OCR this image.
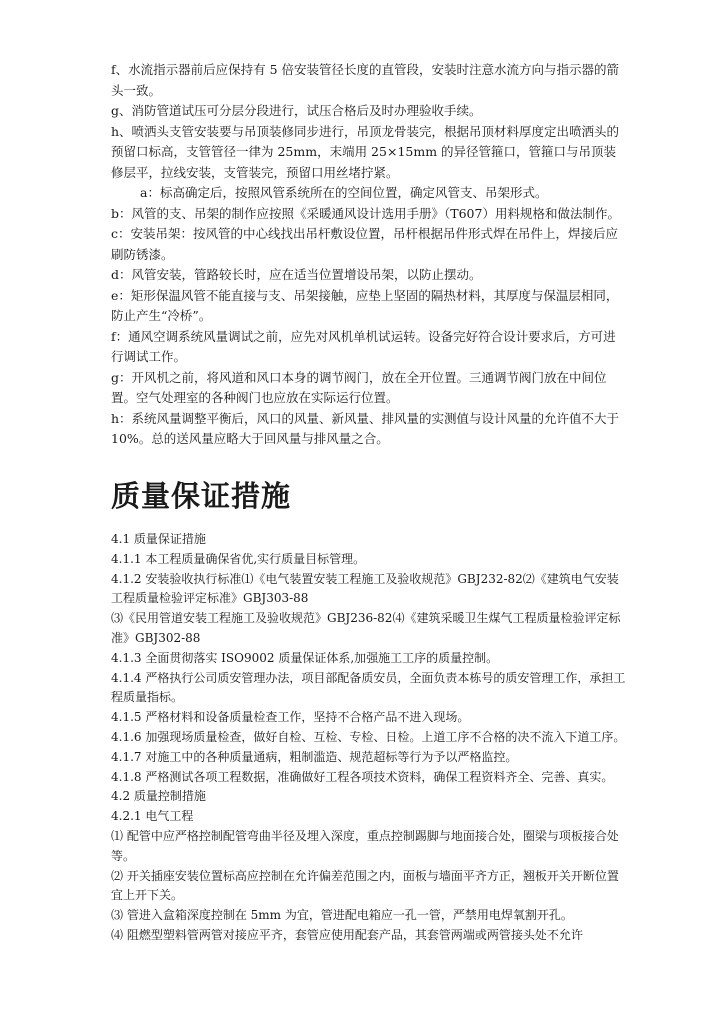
f、水流指示器前后应保持有 5 倍安装管径长度的直管段，安装时注意水流方向与指示器的箭头一致。

g、消防管道试压可分层分段进行，试压合格后及时办理验收手续。

h、喷洒头支管安装要与吊顶装修同步进行，吊顶龙骨装完，根据吊顶材料厚度定出喷洒头的预留口标高，支管管径一律为 25mm，末端用 25×15mm 的异径管箍口，管箍口与吊顶装修层平，拉线安装，支管装完，预留口用丝堵拧紧。

a：标高确定后，按照风管系统所在的空间位置，确定风管支、吊架形式。

b：风管的支、吊架的制作应按照《采暖通风设计选用手册》（T607）用料规格和做法制作。

c：安装吊架：按风管的中心线找出吊杆敷设位置，吊杆根据吊件形式焊在吊件上，焊接后应刷防锈漆。

d：风管安装，管路较长时，应在适当位置增设吊架，以防止摆动。

e：矩形保温风管不能直接与支、吊架接触，应垫上坚固的隔热材料，其厚度与保温层相同，防止产生“冷桥”。

f：通风空调系统风量调试之前，应先对风机单机试运转。设备完好符合设计要求后，方可进行调试工作。

g：开风机之前，将风道和风口本身的调节阀门，放在全开位置。三通调节阀门放在中间位置。空气处理室的各种阀门也应放在实际运行位置。

h：系统风量调整平衡后，风口的风量、新风量、排风量的实测值与设计风量的允许值不大于 10%。总的送风量应略大于回风量与排风量之合。

质量保证措施

4.1 质量保证措施

4.1.1 本工程质量确保省优,实行质量目标管理。

4.1.2 安装验收执行标准⑴《电气装置安装工程施工及验收规范》GBJ232-82⑵《建筑电气安装工程质量检验评定标准》GBJ303-88

⑶《民用管道安装工程施工及验收规范》GBJ236-82⑷《建筑采暖卫生煤气工程质量检验评定标准》GBJ302-88

4.1.3 全面贯彻落实 ISO9002 质量保证体系,加强施工工序的质量控制。

4.1.4 严格执行公司质安管理办法，项目部配备质安员，全面负责本栋号的质安管理工作，承担工程质量指标。

4.1.5 严格材料和设备质量检查工作，坚持不合格产品不进入现场。

4.1.6 加强现场质量检查，做好自检、互检、专检、日检。上道工序不合格的决不流入下道工序。

4.1.7 对施工中的各种质量通病，粗制滥造、规范超标等行为予以严格监控。

4.1.8 严格测试各项工程数据，准确做好工程各项技术资料，确保工程资料齐全、完善、真实。

4.2 质量控制措施

4.2.1 电气工程

⑴ 配管中应严格控制配管弯曲半径及埋入深度，重点控制踢脚与地面接合处，圈梁与项板接合处等。

⑵ 开关插座安装位置标高应控制在允许偏差范围之内，面板与墙面平齐方正，翘板开关开断位置宜上开下关。

⑶ 管进入盒箱深度控制在 5mm 为宜，管进配电箱应一孔一管，严禁用电焊氧割开孔。

⑷ 阻燃型塑料管两管对接应平齐，套管应使用配套产品，其套管两端或两管接头处不允许
